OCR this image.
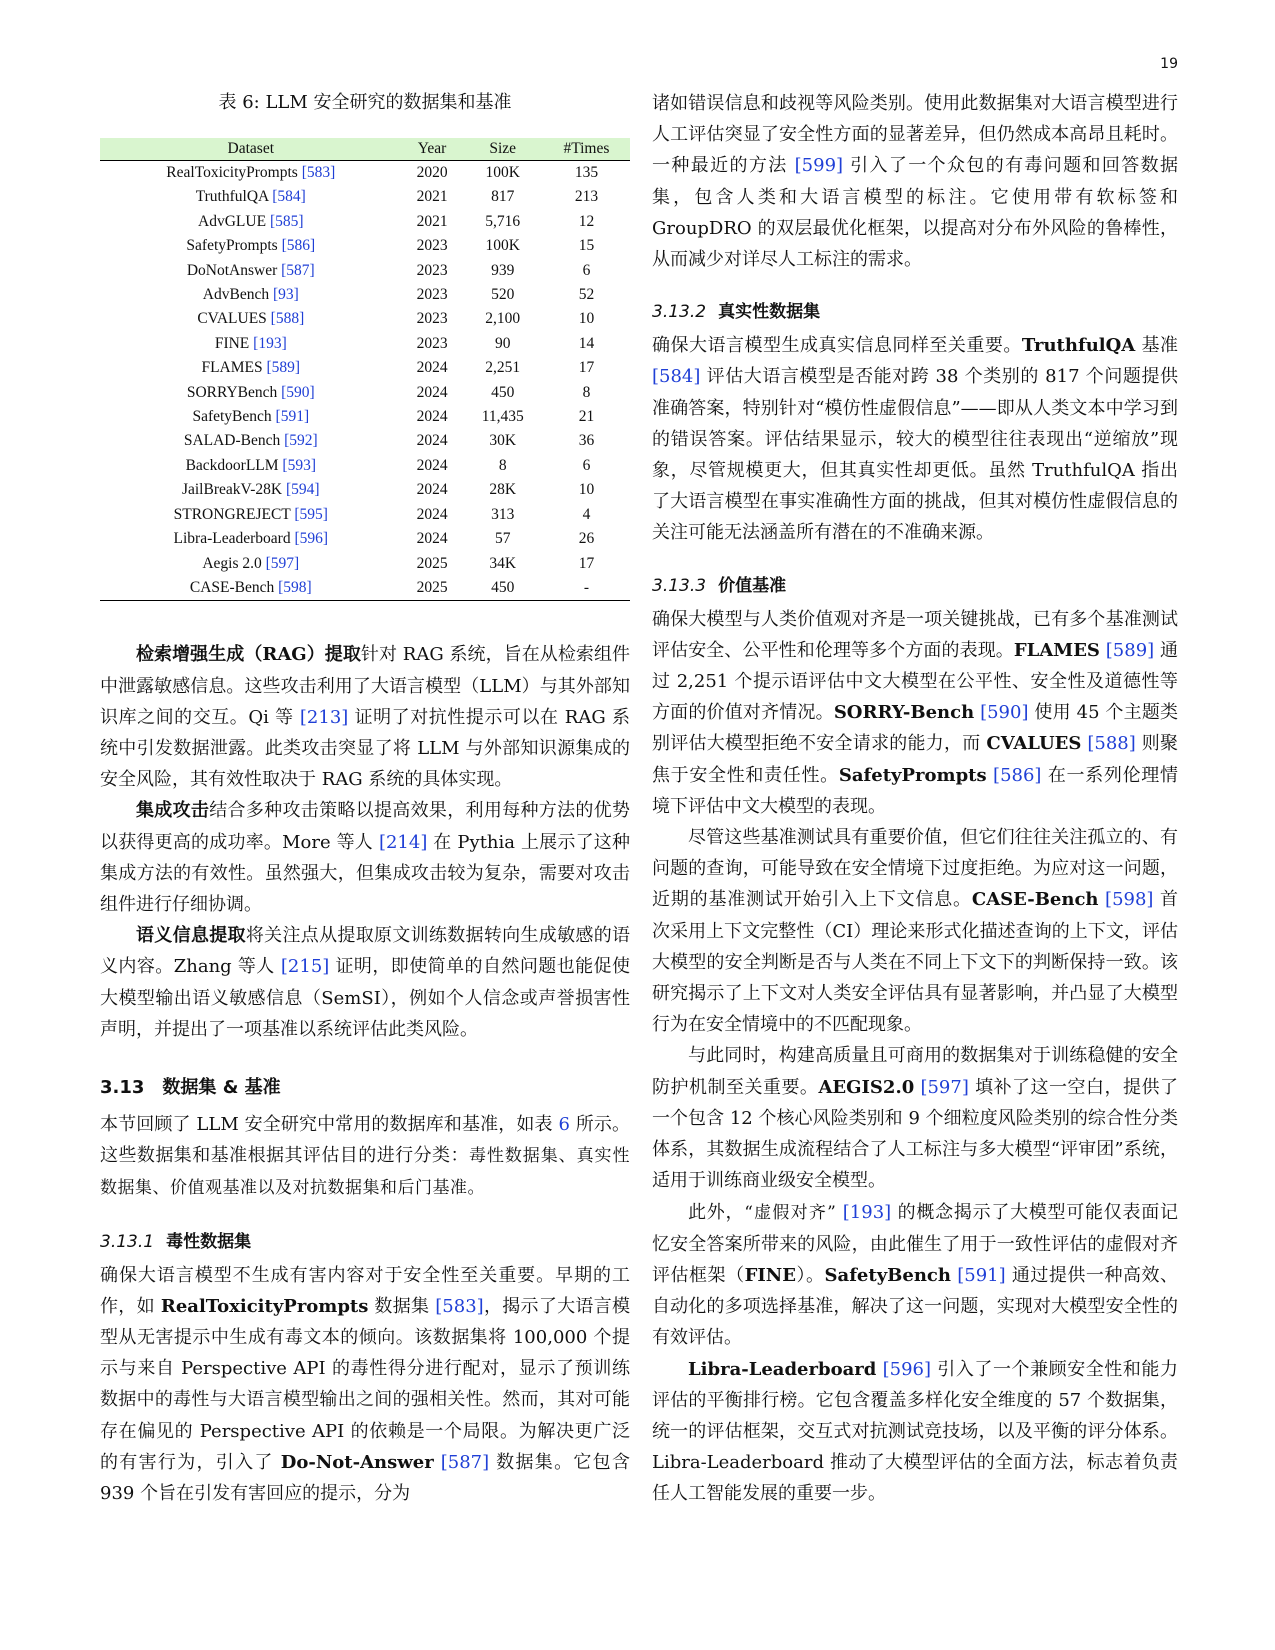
19
表 6: LLM 安全研究的数据集和基准
Dataset	Year	Size	#Times
RealToxicityPrompts [583]	2020	100K	135
TruthfulQA [584]	2021	817	213
AdvGLUE [585]	2021	5,716	12
SafetyPrompts [586]	2023	100K	15
DoNotAnswer [587]	2023	939	6
AdvBench [93]	2023	520	52
CVALUES [588]	2023	2,100	10
FINE [193]	2023	90	14
FLAMES [589]	2024	2,251	17
SORRYBench [590]	2024	450	8
SafetyBench [591]	2024	11,435	21
SALAD-Bench [592]	2024	30K	36
BackdoorLLM [593]	2024	8	6
JailBreakV-28K [594]	2024	28K	10
STRONGREJECT [595]	2024	313	4
Libra-Leaderboard [596]	2024	57	26
Aegis 2.0 [597]	2025	34K	17
CASE-Bench [598]	2025	450	-

检索增强生成（RAG）提取针对 RAG 系统，旨在从检索组件中泄露敏感信息。这些攻击利用了大语言模型（LLM）与其外部知识库之间的交互。Qi 等 [213] 证明了对抗性提示可以在 RAG 系统中引发数据泄露。此类攻击突显了将 LLM 与外部知识源集成的安全风险，其有效性取决于 RAG 系统的具体实现。

集成攻击结合多种攻击策略以提高效果，利用每种方法的优势以获得更高的成功率。More 等人 [214] 在 Pythia 上展示了这种集成方法的有效性。虽然强大，但集成攻击较为复杂，需要对攻击组件进行仔细协调。

语义信息提取将关注点从提取原文训练数据转向生成敏感的语义内容。Zhang 等人 [215] 证明，即使简单的自然问题也能促使大模型输出语义敏感信息（SemSI），例如个人信念或声誉损害性声明，并提出了一项基准以系统评估此类风险。

3.13 数据集 & 基准

本节回顾了 LLM 安全研究中常用的数据库和基准，如表 6 所示。这些数据集和基准根据其评估目的进行分类：毒性数据集、真实性数据集、价值观基准以及对抗数据集和后门基准。

3.13.1 毒性数据集

确保大语言模型不生成有害内容对于安全性至关重要。早期的工作，如 RealToxicityPrompts 数据集 [583]，揭示了大语言模型从无害提示中生成有毒文本的倾向。该数据集将 100,000 个提示与来自 Perspective API 的毒性得分进行配对，显示了预训练数据中的毒性与大语言模型输出之间的强相关性。然而，其对可能存在偏见的 Perspective API 的依赖是一个局限。为解决更广泛的有害行为，引入了 Do-Not-Answer [587] 数据集。它包含 939 个旨在引发有害回应的提示，分为

诸如错误信息和歧视等风险类别。使用此数据集对大语言模型进行人工评估突显了安全性方面的显著差异，但仍然成本高昂且耗时。一种最近的方法 [599] 引入了一个众包的有毒问题和回答数据集，包含人类和大语言模型的标注。它使用带有软标签和 GroupDRO 的双层最优化框架，以提高对分布外风险的鲁棒性，从而减少对详尽人工标注的需求。

3.13.2 真实性数据集

确保大语言模型生成真实信息同样至关重要。TruthfulQA 基准 [584] 评估大语言模型是否能对跨 38 个类别的 817 个问题提供准确答案，特别针对“模仿性虚假信息”——即从人类文本中学习到的错误答案。评估结果显示，较大的模型往往表现出“逆缩放”现象，尽管规模更大，但其真实性却更低。虽然 TruthfulQA 指出了大语言模型在事实准确性方面的挑战，但其对模仿性虚假信息的关注可能无法涵盖所有潜在的不准确来源。

3.13.3 价值基准

确保大模型与人类价值观对齐是一项关键挑战，已有多个基准测试评估安全、公平性和伦理等多个方面的表现。FLAMES [589] 通过 2,251 个提示语评估中文大模型在公平性、安全性及道德性等方面的价值对齐情况。SORRY-Bench [590] 使用 45 个主题类别评估大模型拒绝不安全请求的能力，而 CVALUES [588] 则聚焦于安全性和责任性。SafetyPrompts [586] 在一系列伦理情境下评估中文大模型的表现。

尽管这些基准测试具有重要价值，但它们往往关注孤立的、有问题的查询，可能导致在安全情境下过度拒绝。为应对这一问题，近期的基准测试开始引入上下文信息。CASE-Bench [598] 首次采用上下文完整性（CI）理论来形式化描述查询的上下文，评估大模型的安全判断是否与人类在不同上下文下的判断保持一致。该研究揭示了上下文对人类安全评估具有显著影响，并凸显了大模型行为在安全情境中的不匹配现象。

与此同时，构建高质量且可商用的数据集对于训练稳健的安全防护机制至关重要。AEGIS2.0 [597] 填补了这一空白，提供了一个包含 12 个核心风险类别和 9 个细粒度风险类别的综合性分类体系，其数据生成流程结合了人工标注与多大模型“评审团”系统，适用于训练商业级安全模型。

此外，“虚假对齐” [193] 的概念揭示了大模型可能仅表面记忆安全答案所带来的风险，由此催生了用于一致性评估的虚假对齐评估框架（FINE）。SafetyBench [591] 通过提供一种高效、自动化的多项选择基准，解决了这一问题，实现对大模型安全性的有效评估。

Libra-Leaderboard [596] 引入了一个兼顾安全性和能力评估的平衡排行榜。它包含覆盖多样化安全维度的 57 个数据集，统一的评估框架，交互式对抗测试竞技场，以及平衡的评分体系。Libra-Leaderboard 推动了大模型评估的全面方法，标志着负责任人工智能发展的重要一步。
